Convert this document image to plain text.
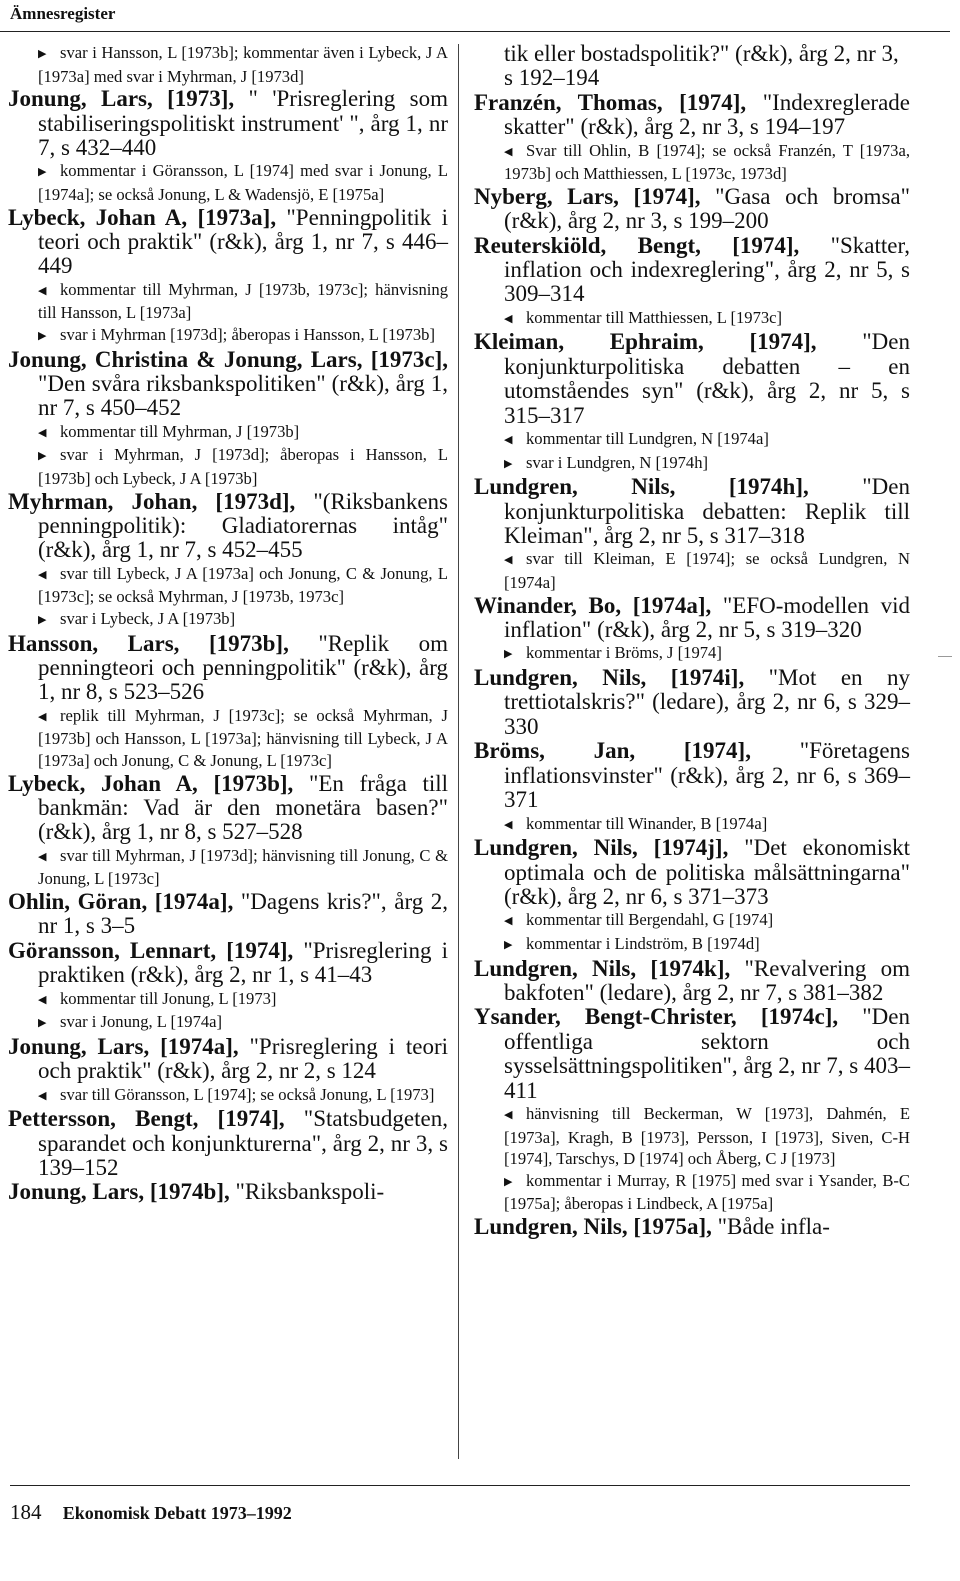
Ämnesregister

▶ svar i Hansson, L [1973b]; kommentar även i Lybeck, J A [1973a] med svar i Myhrman, J [1973d]

Jonung, Lars, [1973], " 'Prisreglering som stabiliseringspolitiskt instrument' ", årg 1, nr 7, s 432–440

▶ kommentar i Göransson, L [1974] med svar i Jonung, L [1974a]; se också Jonung, L & Wadensjö, E [1975a]

Lybeck, Johan A, [1973a], "Penningpolitik i teori och praktik" (r&k), årg 1, nr 7, s 446–449

◀ kommentar till Myhrman, J [1973b, 1973c]; hänvisning till Hansson, L [1973a]

▶ svar i Myhrman [1973d]; åberopas i Hansson, L [1973b]

Jonung, Christina & Jonung, Lars, [1973c], "Den svåra riksbankspolitiken" (r&k), årg 1, nr 7, s 450–452

◀ kommentar till Myhrman, J [1973b]

▶ svar i Myhrman, J [1973d]; åberopas i Hansson, L [1973b] och Lybeck, J A [1973b]

Myhrman, Johan, [1973d], "(Riksbankens penningpolitik): Gladiatorernas intåg" (r&k), årg 1, nr 7, s 452–455

◀ svar till Lybeck, J A [1973a] och Jonung, C & Jonung, L [1973c]; se också Myhrman, J [1973b, 1973c]

▶ svar i Lybeck, J A [1973b]

Hansson, Lars, [1973b], "Replik om penningteori och penningpolitik" (r&k), årg 1, nr 8, s 523–526

◀ replik till Myhrman, J [1973c]; se också Myhrman, J [1973b] och Hansson, L [1973a]; hänvisning till Lybeck, J A [1973a] och Jonung, C & Jonung, L [1973c]

Lybeck, Johan A, [1973b], "En fråga till bankmän: Vad är den monetära basen?" (r&k), årg 1, nr 8, s 527–528

◀ svar till Myhrman, J [1973d]; hänvisning till Jonung, C & Jonung, L [1973c]

Ohlin, Göran, [1974a], "Dagens kris?", årg 2, nr 1, s 3–5

Göransson, Lennart, [1974], "Prisreglering i praktiken (r&k), årg 2, nr 1, s 41–43

◀ kommentar till Jonung, L [1973]

▶ svar i Jonung, L [1974a]

Jonung, Lars, [1974a], "Prisreglering i teori och praktik" (r&k), årg 2, nr 2, s 124

◀ svar till Göransson, L [1974]; se också Jonung, L [1973]

Pettersson, Bengt, [1974], "Statsbudgeten, sparandet och konjunkturerna", årg 2, nr 3, s 139–152

Jonung, Lars, [1974b], "Riksbankspoli-

tik eller bostadspolitik?" (r&k), årg 2, nr 3, s 192–194

Franzén, Thomas, [1974], "Indexreglerade skatter" (r&k), årg 2, nr 3, s 194–197

◀ Svar till Ohlin, B [1974]; se också Franzén, T [1973a, 1973b] och Matthiessen, L [1973c, 1973d]

Nyberg, Lars, [1974], "Gasa och bromsa" (r&k), årg 2, nr 3, s 199–200

Reuterskiöld, Bengt, [1974], "Skatter, inflation och indexreglering", årg 2, nr 5, s 309–314

◀ kommentar till Matthiessen, L [1973c]

Kleiman, Ephraim, [1974], "Den konjunkturpolitiska debatten – en utomståendes syn" (r&k), årg 2, nr 5, s 315–317

◀ kommentar till Lundgren, N [1974a]

▶ svar i Lundgren, N [1974h]

Lundgren, Nils, [1974h], "Den konjunkturpolitiska debatten: Replik till Kleiman", årg 2, nr 5, s 317–318

◀ svar till Kleiman, E [1974]; se också Lundgren, N [1974a]

Winander, Bo, [1974a], "EFO-modellen vid inflation" (r&k), årg 2, nr 5, s 319–320

▶ kommentar i Bröms, J [1974]

Lundgren, Nils, [1974i], "Mot en ny trettiotalskris?" (ledare), årg 2, nr 6, s 329–330

Bröms, Jan, [1974], "Företagens inflationsvinster" (r&k), årg 2, nr 6, s 369–371

◀ kommentar till Winander, B [1974a]

Lundgren, Nils, [1974j], "Det ekonomiskt optimala och de politiska målsättningarna" (r&k), årg 2, nr 6, s 371–373

◀ kommentar till Bergendahl, G [1974]

▶ kommentar i Lindström, B [1974d]

Lundgren, Nils, [1974k], "Revalvering om bakfoten" (ledare), årg 2, nr 7, s 381–382

Ysander, Bengt-Christer, [1974c], "Den offentliga sektorn och sysselsättningspolitiken", årg 2, nr 7, s 403–411

◀ hänvisning till Beckerman, W [1973], Dahmén, E [1973a], Kragh, B [1973], Persson, I [1973], Siven, C-H [1974], Tarschys, D [1974] och Åberg, C J [1973]

▶ kommentar i Murray, R [1975] med svar i Ysander, B-C [1975a]; åberopas i Lindbeck, A [1975a]

Lundgren, Nils, [1975a], "Både infla-

184 Ekonomisk Debatt 1973–1992
